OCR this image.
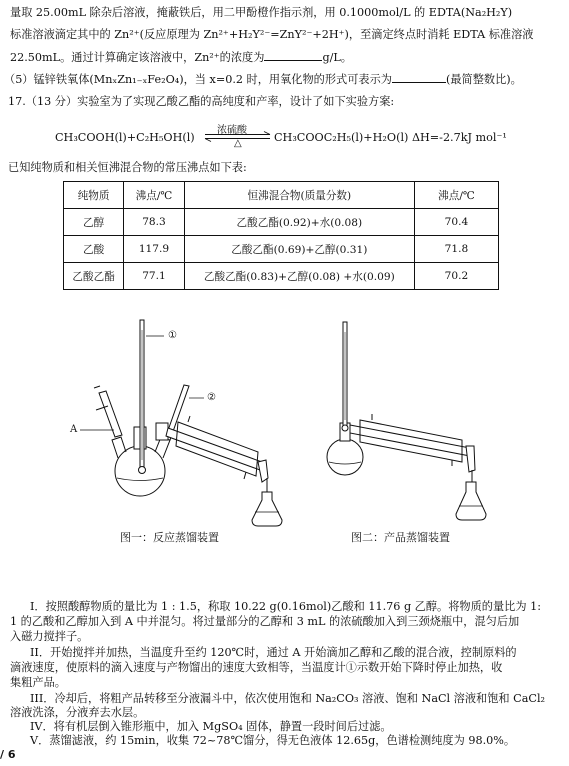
量取 25.00mL 除杂后溶液，掩蔽铁后，用二甲酚橙作指示剂，用 0.1000mol/L 的 EDTA(Na₂H₂Y)
标准溶液滴定其中的 Zn²⁺(反应原理为 Zn²⁺+H₂Y²⁻=ZnY²⁻+2H⁺)，至滴定终点时消耗 EDTA 标准溶液
22.50mL。通过计算确定该溶液中，Zn²⁺的浓度为	g/L。
（5）锰锌铁氧体(MnₓZn₁₋ₓFe₂O₄)，当 x=0.2 时，用氧化物的形式可表示为	(最简整数比)。
17.（13 分）实验室为了实现乙酸乙酯的高纯度和产率，设计了如下实验方案:
CH₃COOH(l)+C₂H₅OH(l)
浓硫酸
△	CH₃COOC₂H₅(l)+H₂O(l) ΔH=-2.7kJ mol⁻¹
已知纯物质和相关恒沸混合物的常压沸点如下表:
纯物质	沸点/℃	恒沸混合物(质量分数)	沸点/℃
乙醇	78.3	乙酸乙酯(0.92)+水(0.08)	70.4
乙酸	117.9	乙酸乙酯(0.69)+乙醇(0.31)	71.8
乙酸乙酯	77.1	乙酸乙酯(0.83)+乙醇(0.08) +水(0.09)	70.2
①
②
A
图一：反应蒸馏装置	图二：产品蒸馏装置
I．按照酸醇物质的量比为 1 : 1.5，称取 10.22 g(0.16mol)乙酸和 11.76 g 乙醇。将物质的量比为 1:
1 的乙酸和乙醇加入到 A 中并混匀。将过量部分的乙醇和 3 mL 的浓硫酸加入到三颈烧瓶中，混匀后加
入磁力搅拌子。
II．开始搅拌并加热，当温度升至约 120℃时，通过 A 开始滴加乙醇和乙酸的混合液，控制原料的
滴液速度，使原料的滴入速度与产物馏出的速度大致相等，当温度计①示数开始下降时停止加热，收
集粗产品。
III．冷却后，将粗产品转移至分液漏斗中，依次使用饱和 Na₂CO₃ 溶液、饱和 NaCl 溶液和饱和 CaCl₂
溶液洗涤，分液弃去水层。
IV．将有机层倒入锥形瓶中，加入 MgSO₄ 固体，静置一段时间后过滤。
/ 6
V．蒸馏滤液，约 15min，收集 72~78℃馏分，得无色液体 12.65g，色谱检测纯度为 98.0%。
